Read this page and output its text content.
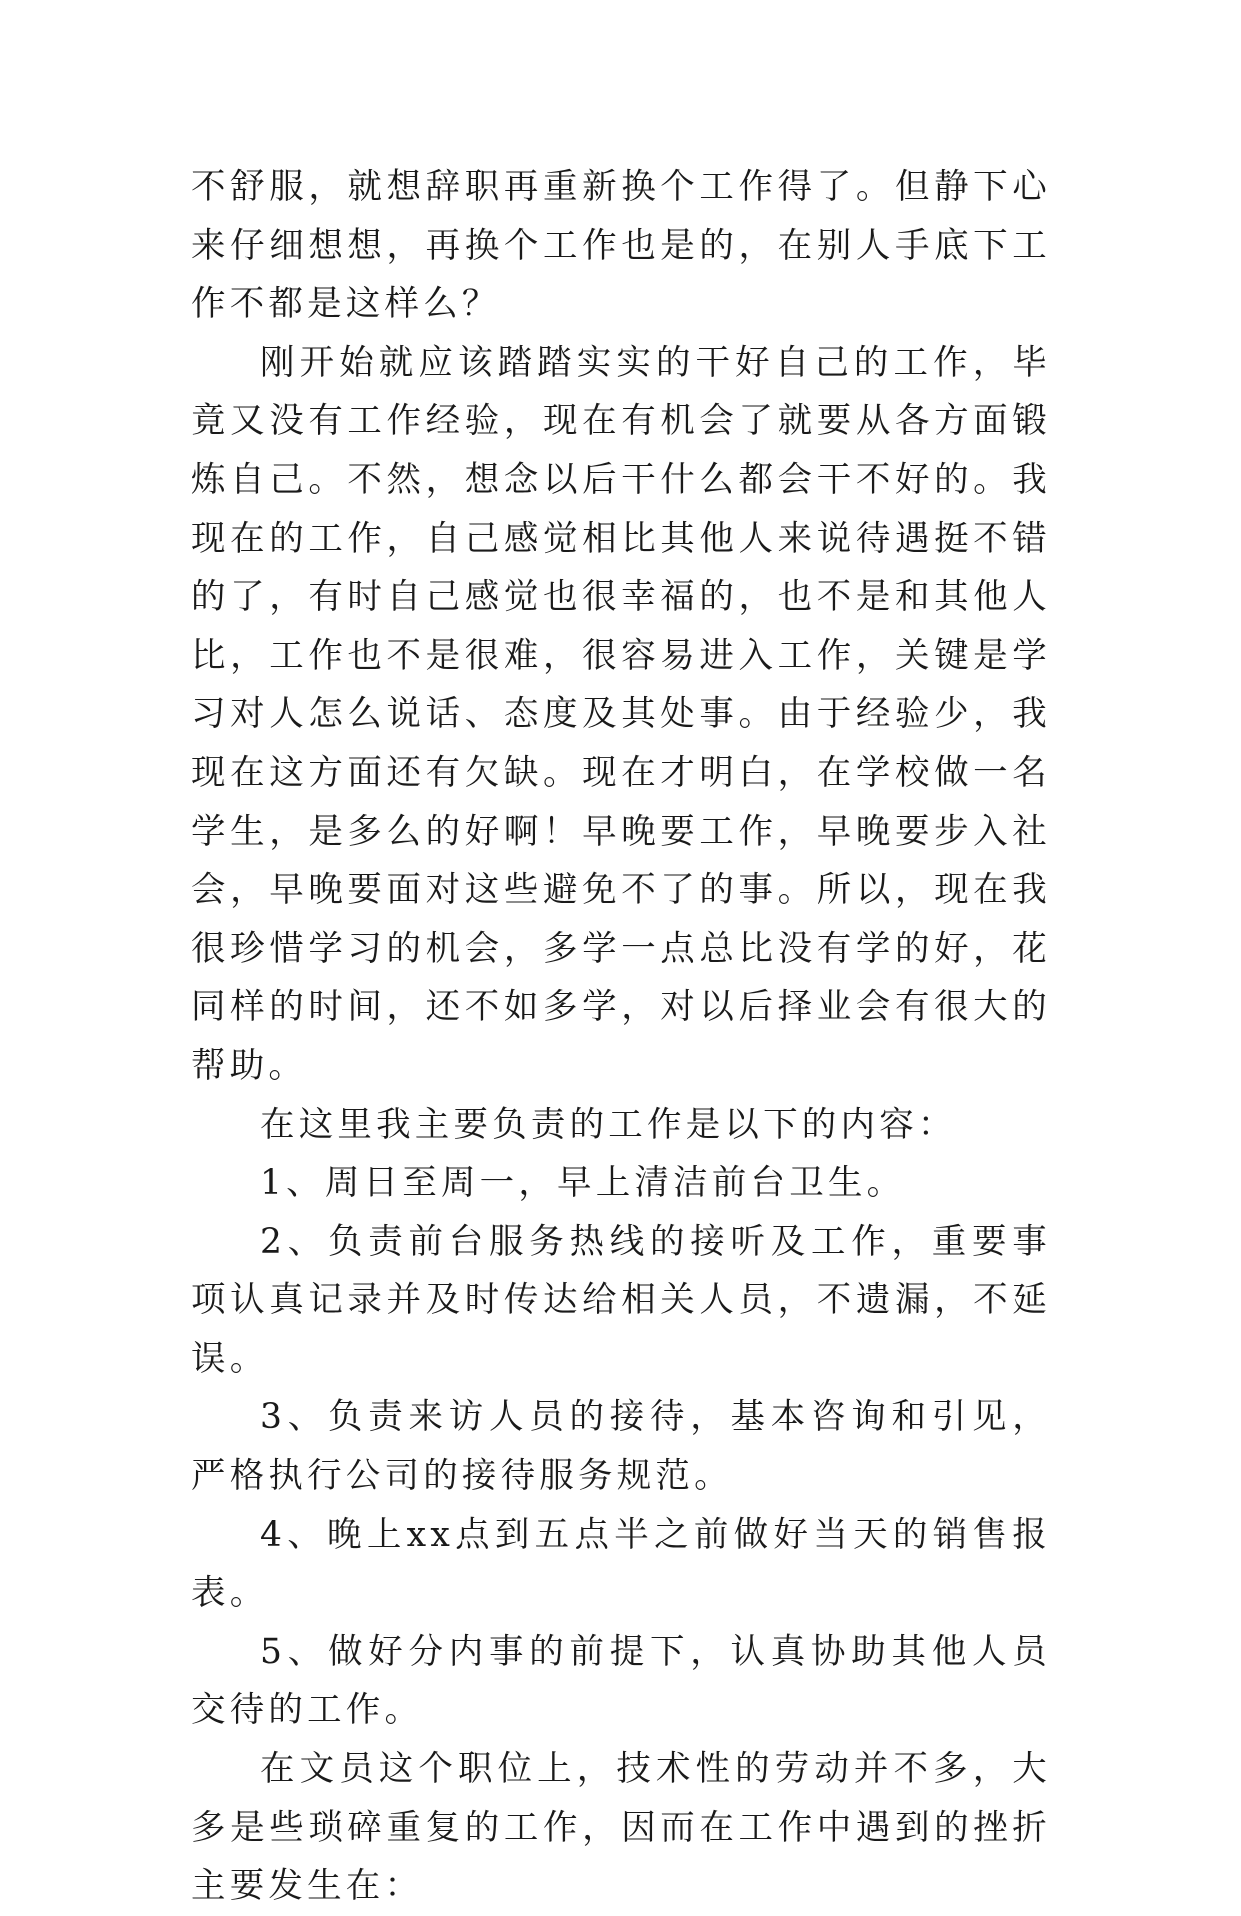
不舒服，就想辞职再重新换个工作得了。但静下心来仔细想想，再换个工作也是的，在别人手底下工作不都是这样么？

刚开始就应该踏踏实实的干好自己的工作，毕竟又没有工作经验，现在有机会了就要从各方面锻炼自己。不然，想念以后干什么都会干不好的。我现在的工作，自己感觉相比其他人来说待遇挺不错的了，有时自己感觉也很幸福的，也不是和其他人比，工作也不是很难，很容易进入工作，关键是学习对人怎么说话、态度及其处事。由于经验少，我现在这方面还有欠缺。现在才明白，在学校做一名学生，是多么的好啊！早晚要工作，早晚要步入社会，早晚要面对这些避免不了的事。所以，现在我很珍惜学习的机会，多学一点总比没有学的好，花同样的时间，还不如多学，对以后择业会有很大的帮助。

在这里我主要负责的工作是以下的内容：

1、周日至周一，早上清洁前台卫生。

2、负责前台服务热线的接听及工作，重要事项认真记录并及时传达给相关人员，不遗漏，不延误。

3、负责来访人员的接待，基本咨询和引见，严格执行公司的接待服务规范。

4、晚上xx点到五点半之前做好当天的销售报表。

5、做好分内事的前提下，认真协助其他人员交待的工作。

在文员这个职位上，技术性的劳动并不多，大多是些琐碎重复的工作，因而在工作中遇到的挫折主要发生在：
